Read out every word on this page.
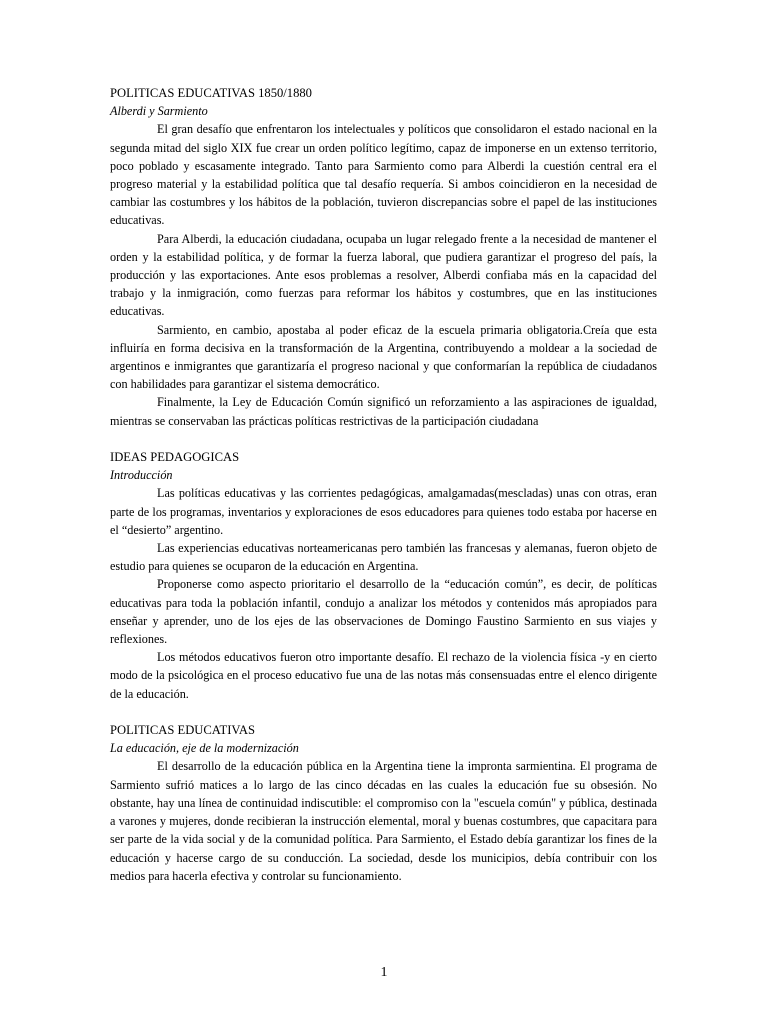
POLITICAS EDUCATIVAS 1850/1880
Alberdi y Sarmiento

El gran desafío que enfrentaron los intelectuales y políticos que consolidaron el estado nacional en la segunda mitad del siglo XIX fue crear un orden político legítimo, capaz de imponerse en un extenso territorio, poco poblado y escasamente integrado. Tanto para Sarmiento como para Alberdi la cuestión central era el progreso material y la estabilidad política que tal desafío requería. Si ambos coincidieron en la necesidad de cambiar las costumbres y los hábitos de la población, tuvieron discrepancias sobre el papel de las instituciones educativas.

Para Alberdi, la educación ciudadana, ocupaba un lugar relegado frente a la necesidad de mantener el orden y la estabilidad política, y de formar la fuerza laboral, que pudiera garantizar el progreso del país, la producción y las exportaciones. Ante esos problemas a resolver, Alberdi confiaba más en la capacidad del trabajo y la inmigración, como fuerzas para reformar los hábitos y costumbres, que en las instituciones educativas.

Sarmiento, en cambio, apostaba al poder eficaz de la escuela primaria obligatoria.Creía que esta influiría en forma decisiva en la transformación de la Argentina, contribuyendo a moldear a la sociedad de argentinos e inmigrantes que garantizaría el progreso nacional y que conformarían la república de ciudadanos con habilidades para garantizar el sistema democrático.

Finalmente, la Ley de Educación Común significó un reforzamiento a las aspiraciones de igualdad, mientras se conservaban las prácticas políticas restrictivas de la participación ciudadana

IDEAS PEDAGOGICAS
Introducción

Las políticas educativas y las corrientes pedagógicas, amalgamadas(mescladas) unas con otras, eran parte de los programas, inventarios y exploraciones de esos educadores para quienes todo estaba por hacerse en el “desierto” argentino.

Las experiencias educativas norteamericanas pero también las francesas y alemanas, fueron objeto de estudio para quienes se ocuparon de la educación en Argentina.

Proponerse como aspecto prioritario el desarrollo de la “educación común”, es decir, de políticas educativas para toda la población infantil, condujo a analizar los métodos y contenidos más apropiados para enseñar y aprender, uno de los ejes de las observaciones de Domingo Faustino Sarmiento en sus viajes y reflexiones.

Los métodos educativos fueron otro importante desafío. El rechazo de la violencia física -y en cierto modo de la psicológica en el proceso educativo fue una de las notas más consensuadas entre el elenco dirigente de la educación.

POLITICAS EDUCATIVAS
La educación, eje de la modernización

El desarrollo de la educación pública en la Argentina tiene la impronta sarmientina. El programa de Sarmiento sufrió matices a lo largo de las cinco décadas en las cuales la educación fue su obsesión. No obstante, hay una línea de continuidad indiscutible: el compromiso con la "escuela común" y pública, destinada a varones y mujeres, donde recibieran la instrucción elemental, moral y buenas costumbres, que capacitara para ser parte de la vida social y de la comunidad política. Para Sarmiento, el Estado debía garantizar los fines de la educación y hacerse cargo de su conducción. La sociedad, desde los municipios, debía contribuir con los medios para hacerla efectiva y controlar su funcionamiento.

1
